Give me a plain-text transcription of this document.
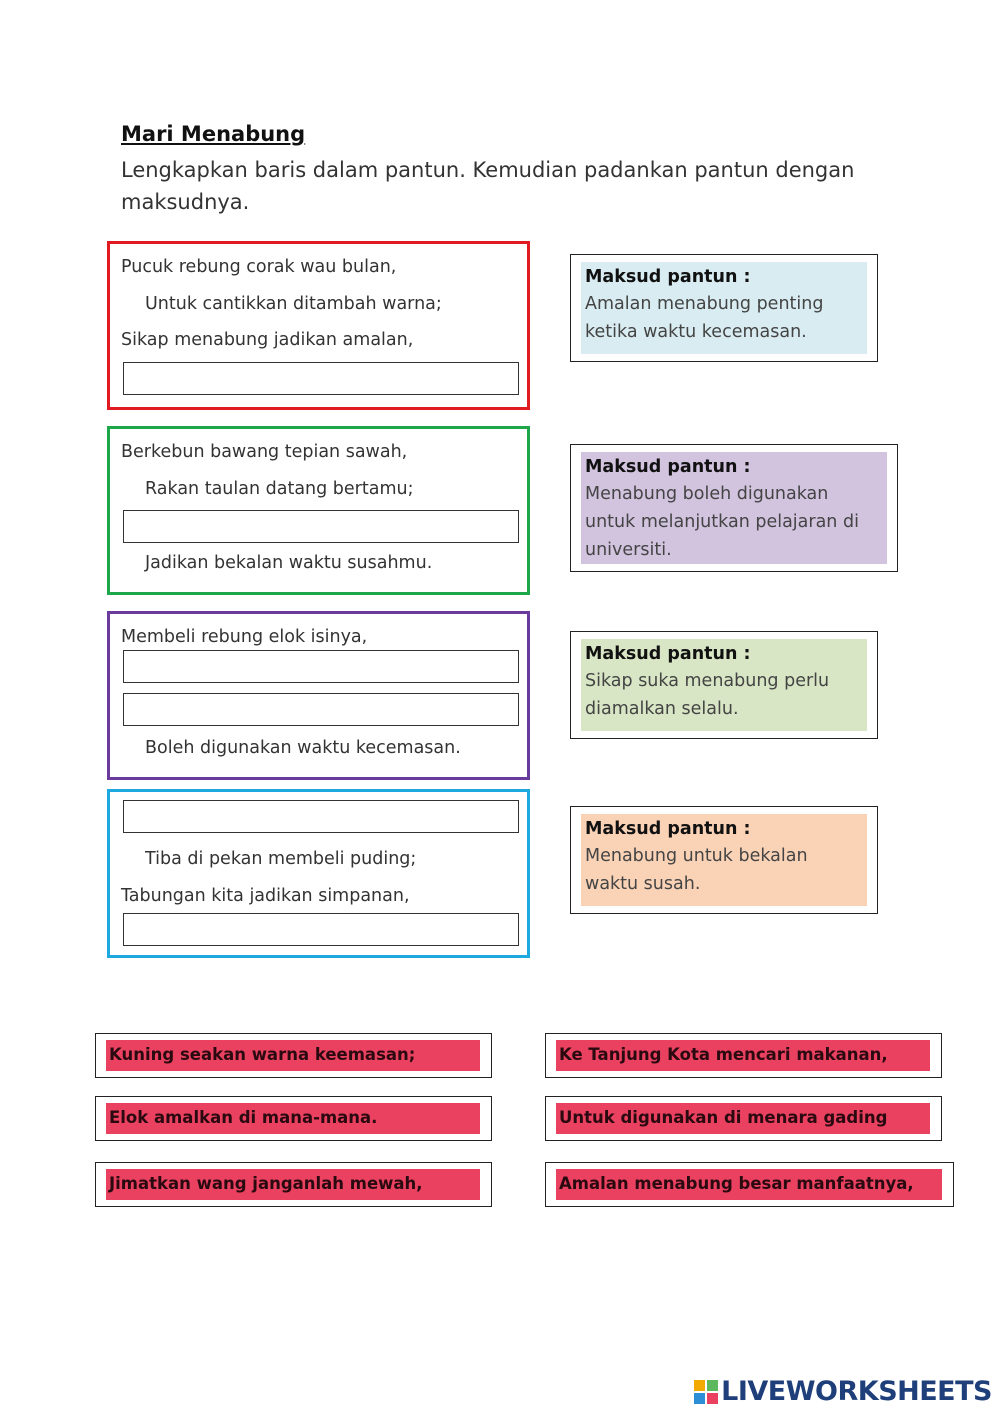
Mari Menabung
Lengkapkan baris dalam pantun. Kemudian padankan pantun dengan maksudnya.
Pucuk rebung corak wau bulan,
Untuk cantikkan ditambah warna;
Sikap menabung jadikan amalan,
Berkebun bawang tepian sawah,
Rakan taulan datang bertamu;
Jadikan bekalan waktu susahmu.
Membeli rebung elok isinya,
Boleh digunakan waktu kecemasan.
Tiba di pekan membeli puding;
Tabungan kita jadikan simpanan,
Maksud pantun :
Amalan menabung penting ketika waktu kecemasan.
Maksud pantun :
Menabung boleh digunakan untuk melanjutkan pelajaran di universiti.
Maksud pantun :
Sikap suka menabung perlu diamalkan selalu.
Maksud pantun :
Menabung untuk bekalan waktu susah.
Kuning seakan warna keemasan;
Elok amalkan di mana-mana.
Jimatkan wang janganlah mewah,
Ke Tanjung Kota mencari makanan,
Untuk digunakan di menara gading
Amalan menabung besar manfaatnya,
LIVEWORKSHEETS
